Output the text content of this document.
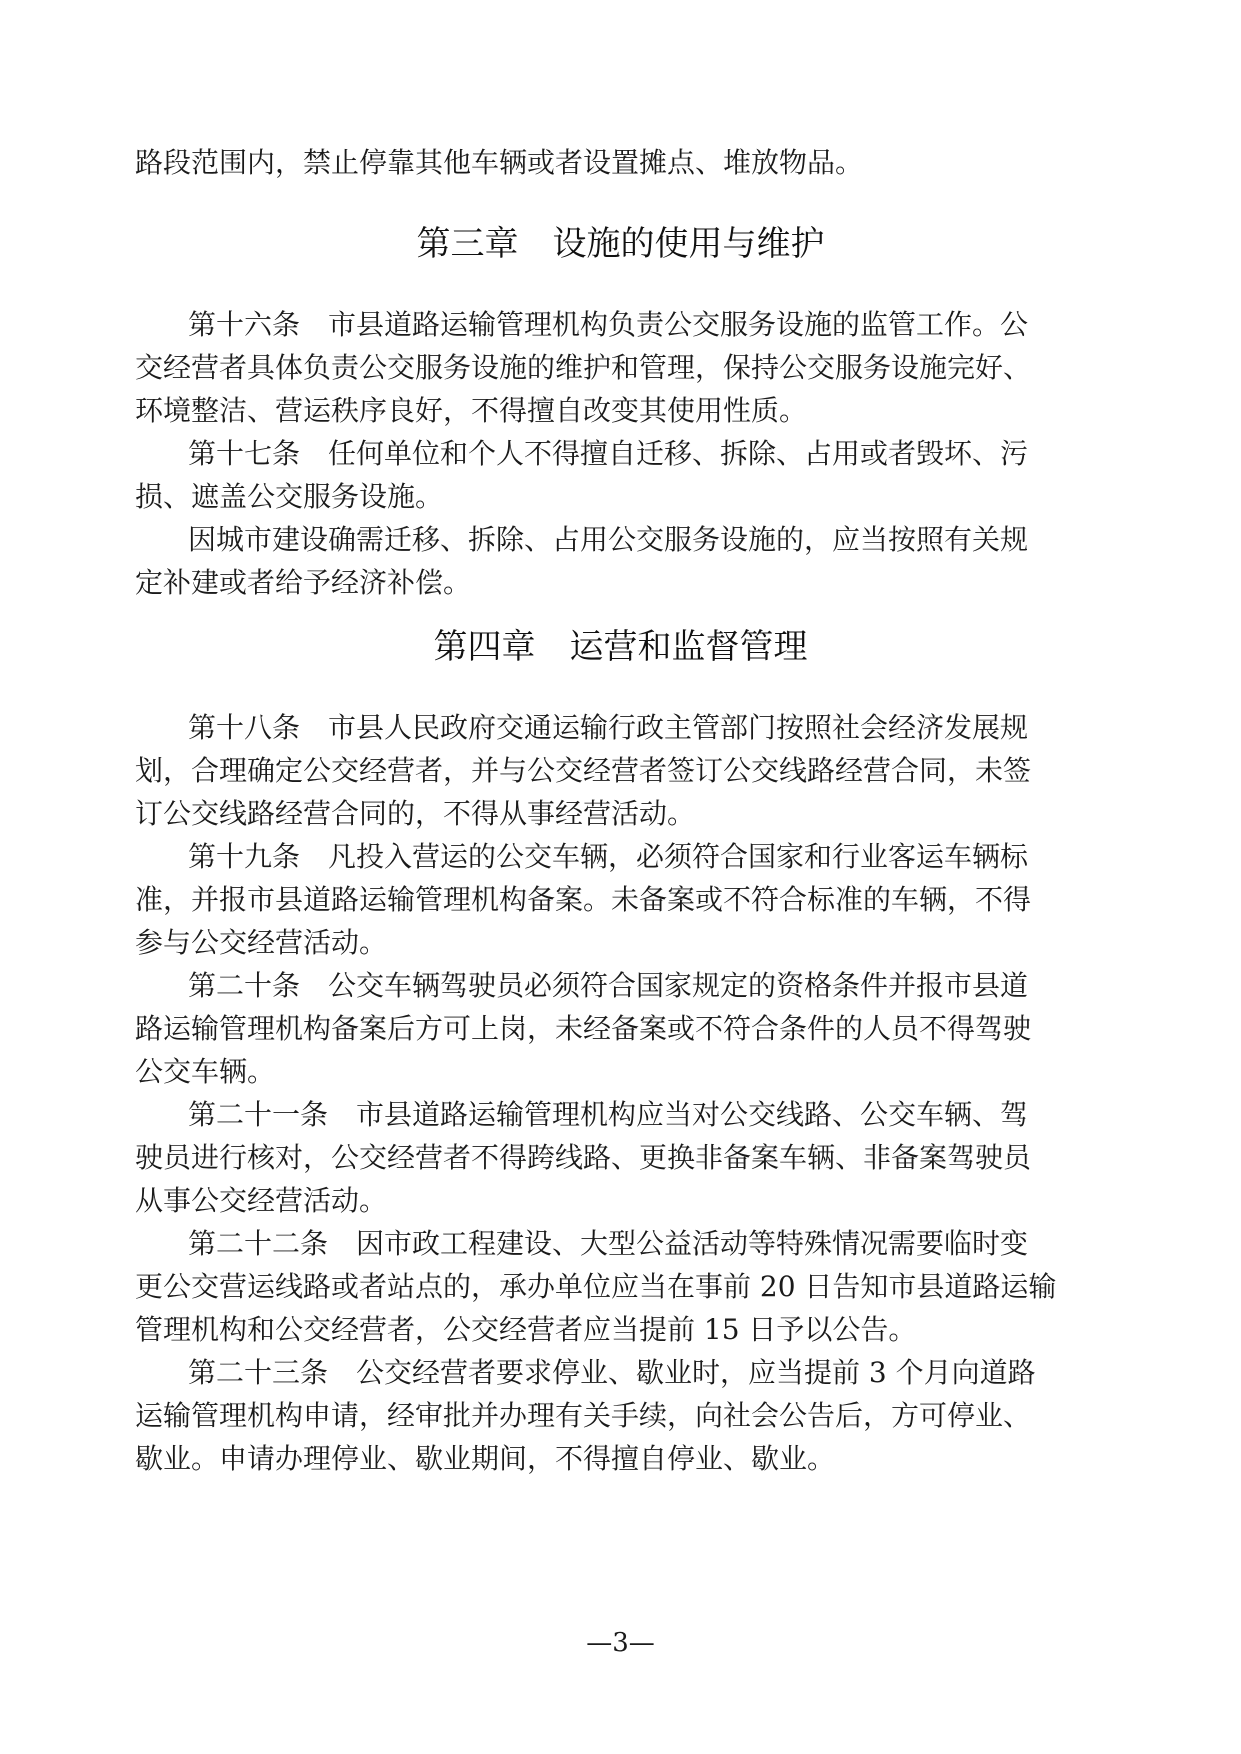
路段范围内，禁止停靠其他车辆或者设置摊点、堆放物品。
第三章　设施的使用与维护
第十六条　市县道路运输管理机构负责公交服务设施的监管工作。公
交经营者具体负责公交服务设施的维护和管理，保持公交服务设施完好、
环境整洁、营运秩序良好，不得擅自改变其使用性质。
第十七条　任何单位和个人不得擅自迁移、拆除、占用或者毁坏、污
损、遮盖公交服务设施。
因城市建设确需迁移、拆除、占用公交服务设施的，应当按照有关规
定补建或者给予经济补偿。
第四章　运营和监督管理
第十八条　市县人民政府交通运输行政主管部门按照社会经济发展规
划，合理确定公交经营者，并与公交经营者签订公交线路经营合同，未签
订公交线路经营合同的，不得从事经营活动。
第十九条　凡投入营运的公交车辆，必须符合国家和行业客运车辆标
准，并报市县道路运输管理机构备案。未备案或不符合标准的车辆，不得
参与公交经营活动。
第二十条　公交车辆驾驶员必须符合国家规定的资格条件并报市县道
路运输管理机构备案后方可上岗，未经备案或不符合条件的人员不得驾驶
公交车辆。
第二十一条　市县道路运输管理机构应当对公交线路、公交车辆、驾
驶员进行核对，公交经营者不得跨线路、更换非备案车辆、非备案驾驶员
从事公交经营活动。
第二十二条　因市政工程建设、大型公益活动等特殊情况需要临时变
更公交营运线路或者站点的，承办单位应当在事前 20 日告知市县道路运输
管理机构和公交经营者，公交经营者应当提前 15 日予以公告。
第二十三条　公交经营者要求停业、歇业时，应当提前 3 个月向道路
运输管理机构申请，经审批并办理有关手续，向社会公告后，方可停业、
歇业。申请办理停业、歇业期间，不得擅自停业、歇业。
—3—
